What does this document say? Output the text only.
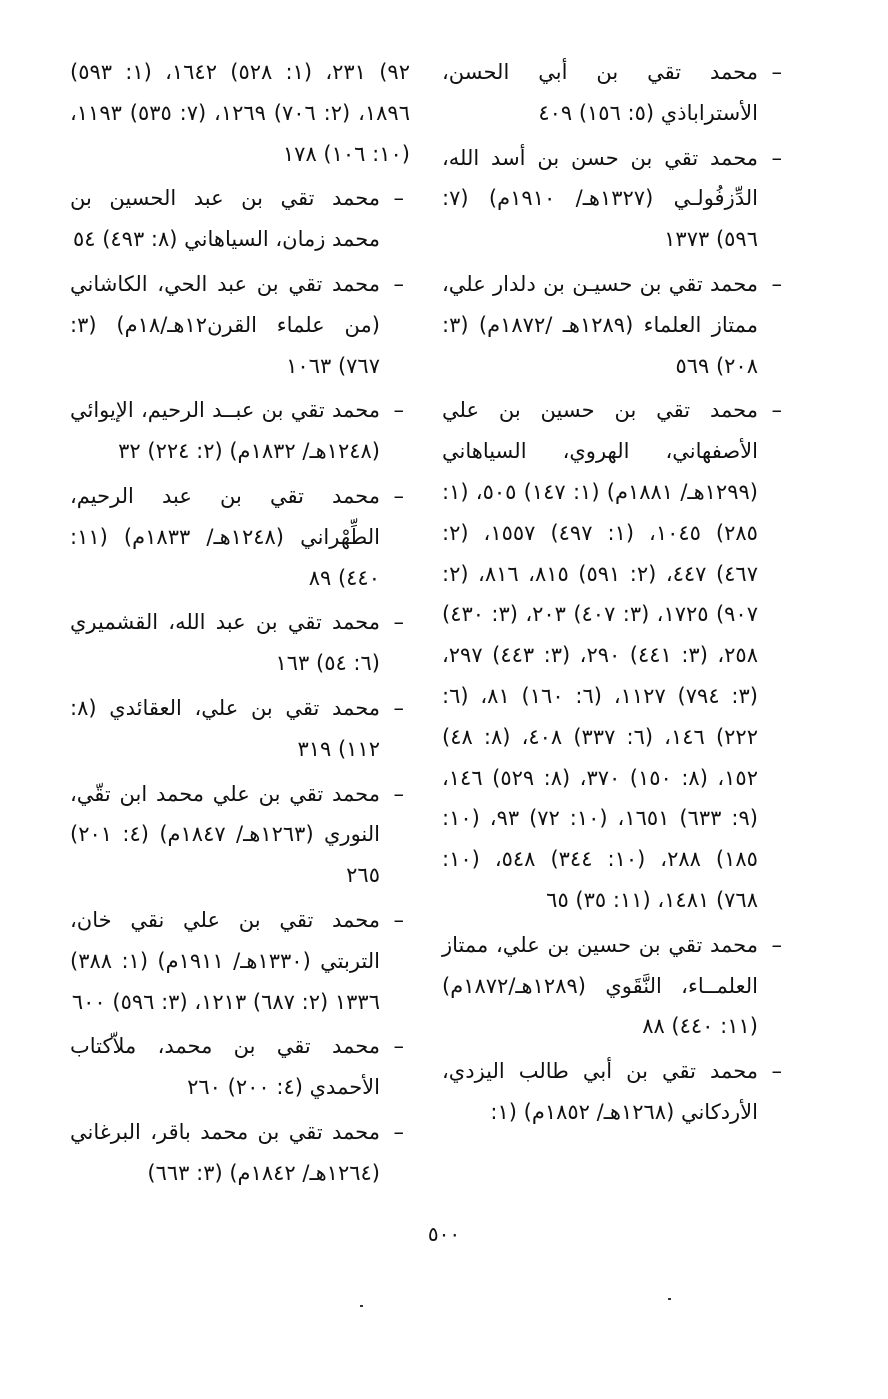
–
محمد تقي بن أبي الحسن، الأستراباذي (٥: ١٥٦) ٤٠٩

–
محمد تقي بن حسن بن أسد الله، الدِّزفُولـي (١٣٢٧هـ/ ١٩١٠م) (٧: ٥٩٦) ١٣٧٣

–
محمد تقي بن حسيـن بن دلدار علي، ممتاز العلماء (١٢٨٩هـ /١٨٧٢م) (٣: ٢٠٨) ٥٦٩

–
محمد تقي بن حسين بن علي الأصفهاني، الهروي، السياهاني (١٢٩٩هـ/ ١٨٨١م) (١: ١٤٧) ٥٠٥، (١: ٢٨٥) ١٠٤٥، (١: ٤٩٧) ١٥٥٧، (٢: ٤٦٧) ٤٤٧، (٢: ٥٩١) ٨١٥، ٨١٦، (٢: ٩٠٧) ١٧٢٥، (٣: ٤٠٧) ٢٠٣، (٣: ٤٣٠) ٢٥٨، (٣: ٤٤١) ٢٩٠، (٣: ٤٤٣) ٢٩٧، (٣: ٧٩٤) ١١٢٧، (٦: ١٦٠) ٨١، (٦: ٢٢٢) ١٤٦، (٦: ٣٣٧) ٤٠٨، (٨: ٤٨) ١٥٢، (٨: ١٥٠) ٣٧٠، (٨: ٥٢٩) ١٤٦، (٩: ٦٣٣) ١٦٥١، (١٠: ٧٢) ٩٣، (١٠: ١٨٥) ٢٨٨، (١٠: ٣٤٤) ٥٤٨، (١٠: ٧٦٨) ١٤٨١، (١١: ٣٥) ٦٥

–
محمد تقي بن حسين بن علي، ممتاز العلمــاء، النَّقَوي (١٢٨٩هـ/١٨٧٢م) (١١: ٤٤٠) ٨٨

–
محمد تقي بن أبي طالب اليزدي، الأردكاني (١٢٦٨هـ/ ١٨٥٢م) (١:

٩٢) ٢٣١، (١: ٥٢٨) ١٦٤٢، (١: ٥٩٣) ١٨٩٦، (٢: ٧٠٦) ١٢٦٩، (٧: ٥٣٥) ١١٩٣، (١٠: ١٠٦) ١٧٨

–
محمد تقي بن عبد الحسين بن محمد زمان، السياهاني (٨: ٤٩٣) ٥٤

–
محمد تقي بن عبد الحي، الكاشاني (من علماء القرن١٢هـ/١٨م) (٣: ٧٦٧) ١٠٦٣

–
محمد تقي بن عبــد الرحيم، الإيوائي (١٢٤٨هـ/ ١٨٣٢م) (٢: ٢٢٤) ٣٢

–
محمد تقي بن عبد الرحيم، الطِّهْراني (١٢٤٨هـ/ ١٨٣٣م) (١١: ٤٤٠) ٨٩

–
محمد تقي بن عبد الله، القشميري (٦: ٥٤) ١٦٣

–
محمد تقي بن علي، العقائدي (٨: ١١٢) ٣١٩

–
محمد تقي بن علي محمد ابن تقّي، النوري (١٢٦٣هـ/ ١٨٤٧م) (٤: ٢٠١) ٢٦٥

–
محمد تقي بن علي نقي خان، التربتي (١٣٣٠هـ/ ١٩١١م) (١: ٣٨٨) ١٣٣٦ (٢: ٦٨٧) ١٢١٣، (٣: ٥٩٦) ٦٠٠

–
محمد تقي بن محمد، ملاّكتاب الأحمدي (٤: ٢٠٠) ٢٦٠

–
محمد تقي بن محمد باقر، البرغاني (١٢٦٤هـ/ ١٨٤٢م) (٣: ٦٦٣)

٥٠٠
